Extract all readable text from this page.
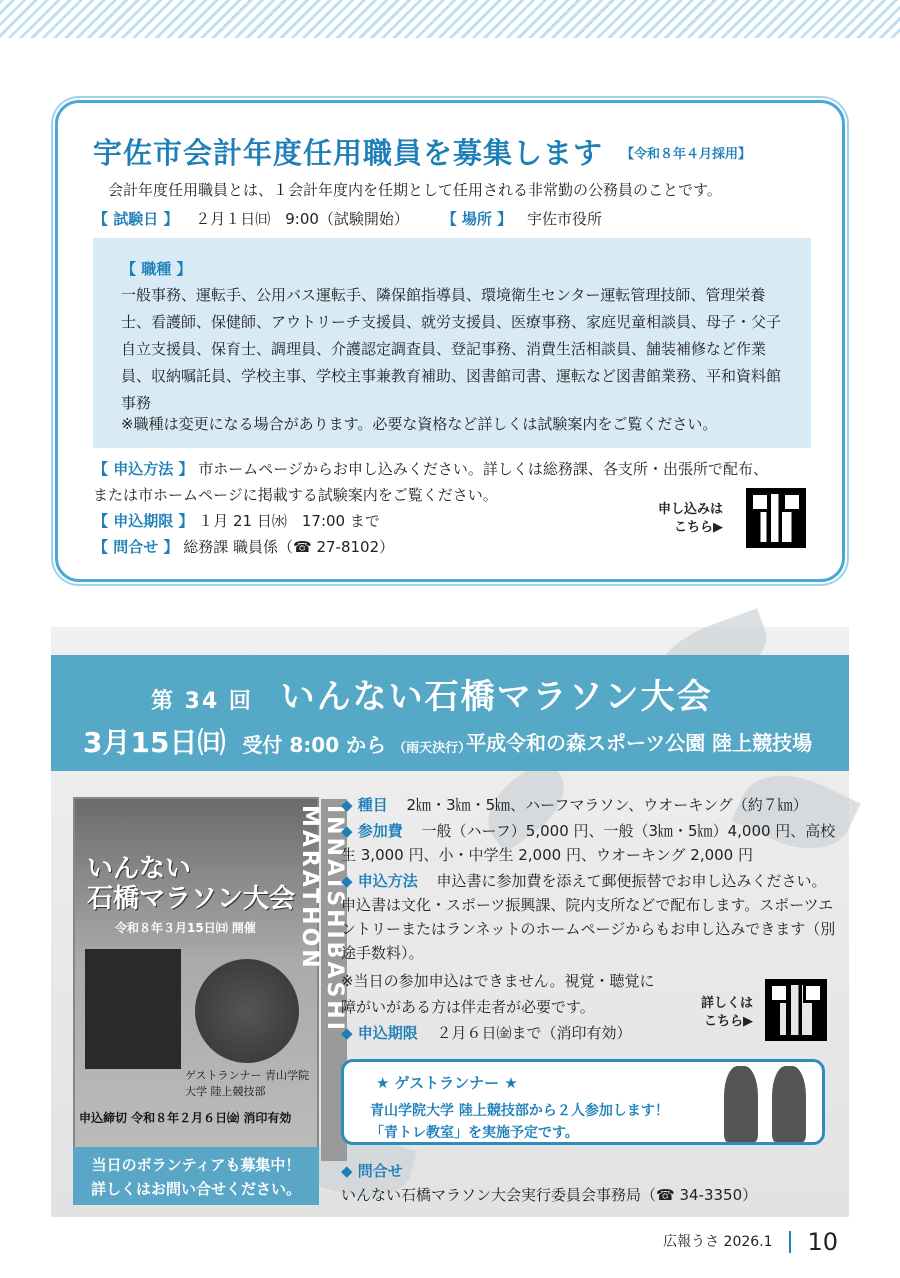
宇佐市会計年度任用職員を募集します 【令和８年４月採用】
会計年度任用職員とは、１会計年度内を任期として任用される非常勤の公務員のことです。
【 試験日 】 ２月１日㈰　9:00（試験開始） 【 場所 】 宇佐市役所
【 職種 】
一般事務、運転手、公用バス運転手、隣保館指導員、環境衛生センター運転管理技師、管理栄養士、看護師、保健師、アウトリーチ支援員、就労支援員、医療事務、家庭児童相談員、母子・父子自立支援員、保育士、調理員、介護認定調査員、登記事務、消費生活相談員、舗装補修など作業員、収納嘱託員、学校主事、学校主事兼教育補助、図書館司書、運転など図書館業務、平和資料館事務
※職種は変更になる場合があります。必要な資格など詳しくは試験案内をご覧ください。
【 申込方法 】 市ホームページからお申し込みください。詳しくは総務課、各支所・出張所で配布、
または市ホームページに掲載する試験案内をご覧ください。
【 申込期限 】 １月 21 日㈬　17:00 まで
【 問合せ 】 総務課 職員係（☎ 27-8102）
申し込みは
こちら▶
第 34 回 いんない石橋マラソン大会
3月15日㈰ 受付 8:00 から （雨天決行）
平成令和の森スポーツ公園 陸上競技場
いんない
石橋マラソン大会
令和８年３月15日㈰ 開催
ゲストランナー 青山学院大学 陸上競技部
申込締切 令和８年２月６日㈮ 消印有効
INNAISHIBASHI MARATHON
当日のボランティアも募集中！
詳しくはお問い合せください。
◆ 種目 2㎞・3㎞・5㎞、ハーフマラソン、ウオーキング（約７㎞）
◆ 参加費 一般（ハーフ）5,000 円、一般（3㎞・5㎞）4,000 円、高校生 3,000 円、小・中学生 2,000 円、ウオーキング 2,000 円
◆ 申込方法 申込書に参加費を添えて郵便振替でお申し込みください。申込書は文化・スポーツ振興課、院内支所などで配布します。スポーツエントリーまたはランネットのホームページからもお申し込みできます（別途手数料）。
※当日の参加申込はできません。視覚・聴覚に
障がいがある方は伴走者が必要です。
◆ 申込期限 ２月６日㈮まで（消印有効）
詳しくは
こちら▶
★ ゲストランナー ★
青山学院大学 陸上競技部から２人参加します！
「青トレ教室」を実施予定です。
◆ 問合せ
いんない石橋マラソン大会実行委員会事務局（☎ 34-3350）
広報うさ 2026.1 10
